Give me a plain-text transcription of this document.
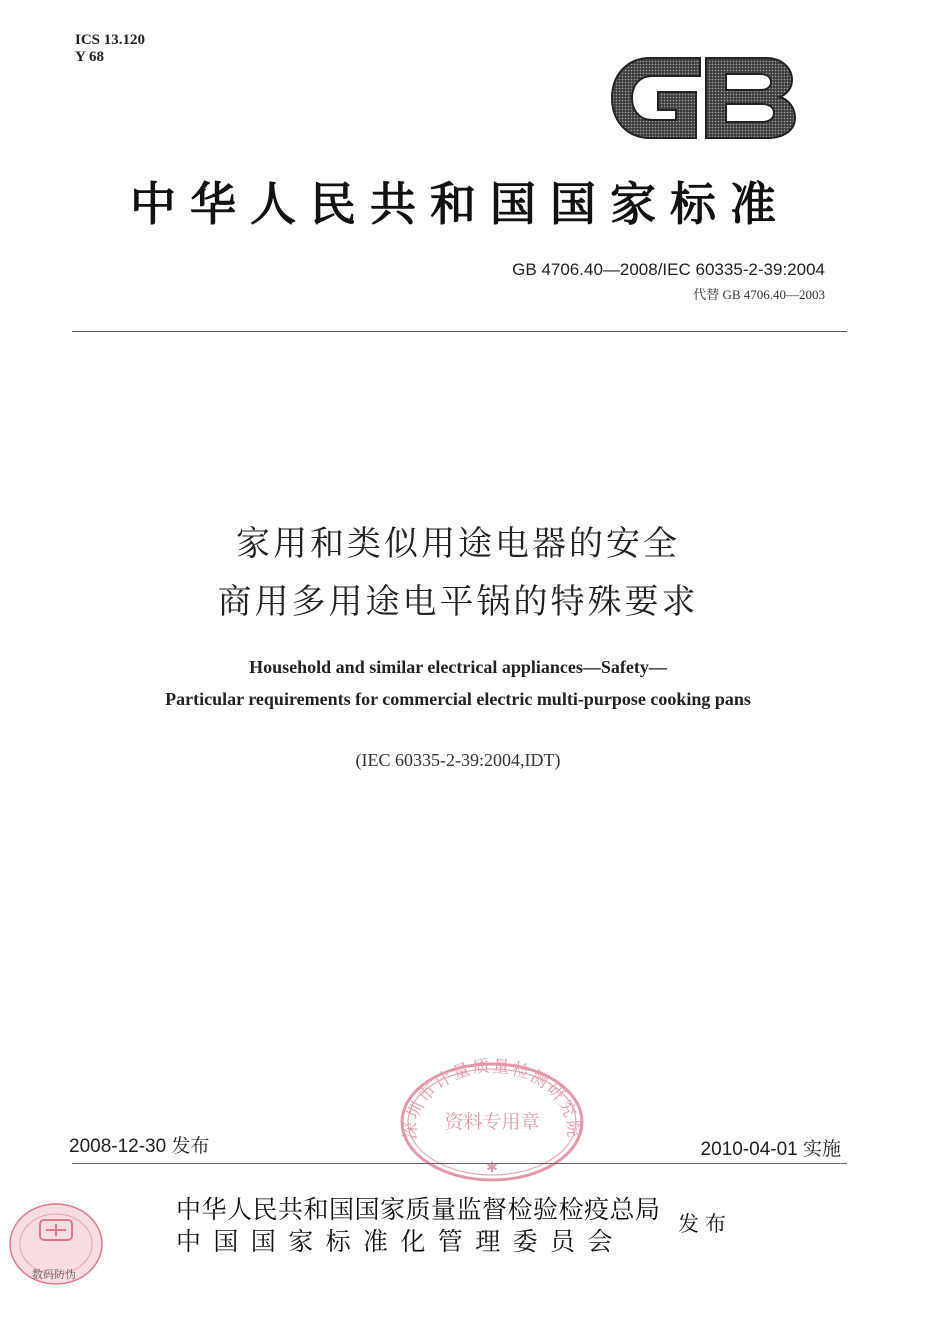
ICS 13.120
Y 68
中华人民共和国国家标准
GB 4706.40—2008/IEC 60335-2-39:2004
代替 GB 4706.40—2003
家用和类似用途电器的安全
商用多用途电平锅的特殊要求
Household and similar electrical appliances—Safety—
Particular requirements for commercial electric multi-purpose cooking pans
(IEC 60335-2-39:2004,IDT)
深圳市计量质量检测研究院
资料专用章
✱
2008-12-30 发布	2010-04-01 实施
中华人民共和国国家质量监督检验检疫总局
中国国家标准化管理委员会
发布
数码防伪
